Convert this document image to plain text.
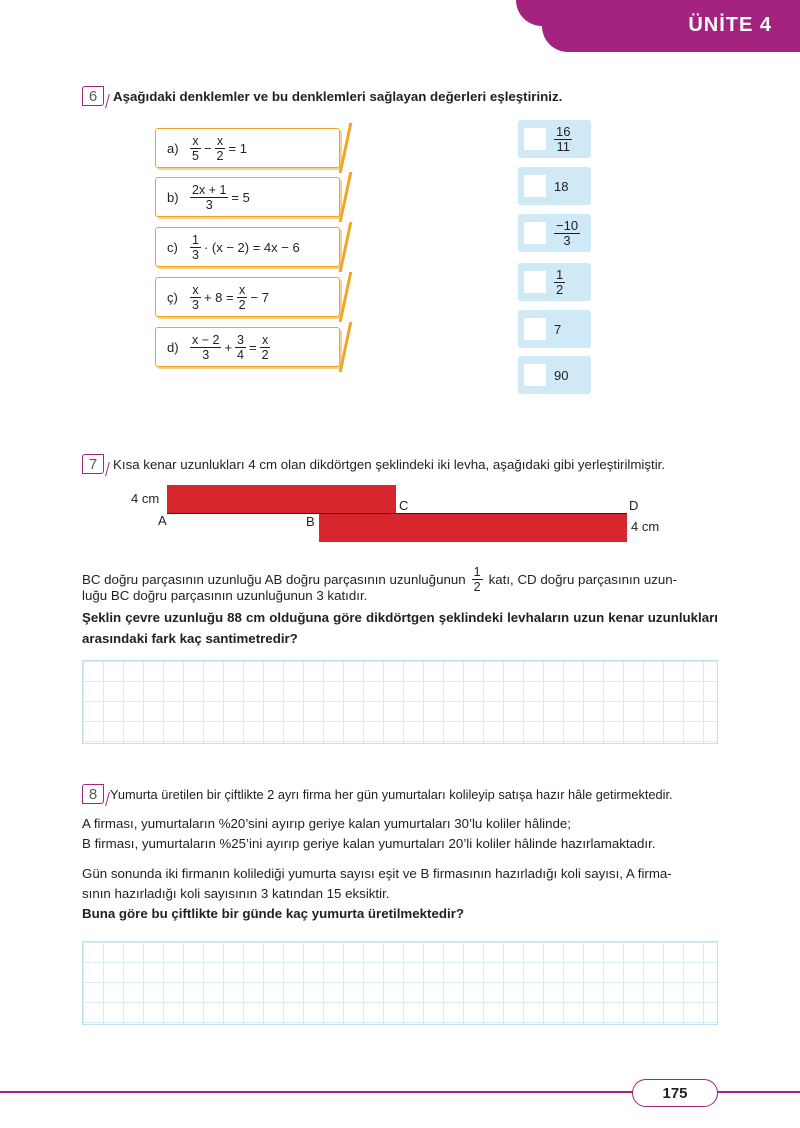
ÜNİTE 4
6	Aşağıdaki denklemler ve bu denklemleri sağlayan değerleri eşleştiriniz.
$a) \frac{x}{5} - \frac{x}{2} = 1$
$b) \frac{2x + 1}{3} = 5$
$c) \frac{1}{3} \cdot (x - 2) = 4x - 6$
ç) $\frac{x}{3} + 8 = \frac{x}{2} - 7$
$d) \frac{x - 2}{3} + \frac{3}{4} = \frac{x}{2}$
$\frac{16}{11}$
18
$\frac{-10}{3}$
$\frac{1}{2}$
7
90
7	Kısa kenar uzunlukları 4 cm olan dikdörtgen şeklindeki iki levha, aşağıdaki gibi yerleştirilmiştir.
4 cm
A	B
C	D
4 cm
BC doğru parçasının uzunluğu AB doğru parçasının uzunluğunun $\frac{1}{2}$ katı, CD doğru parçasının uzun-
luğu BC doğru parçasının uzunluğunun 3 katıdır.
Şeklin çevre uzunluğu 88 cm olduğuna göre dikdörtgen şeklindeki levhaların uzun kenar uzunlukları arasındaki fark kaç santimetredir?
8	Yumurta üretilen bir çiftlikte 2 ayrı firma her gün yumurtaları kolileyip satışa hazır hâle getirmektedir.
A firması, yumurtaların %20’sini ayırıp geriye kalan yumurtaları 30’lu koliler hâlinde;
B firması, yumurtaların %25’ini ayırıp geriye kalan yumurtaları 20’li koliler hâlinde hazırlamaktadır.
Gün sonunda iki firmanın kolilediği yumurta sayısı eşit ve B firmasının hazırladığı koli sayısı, A firma-
sının hazırladığı koli sayısının 3 katından 15 eksiktir.
Buna göre bu çiftlikte bir günde kaç yumurta üretilmektedir?
175
